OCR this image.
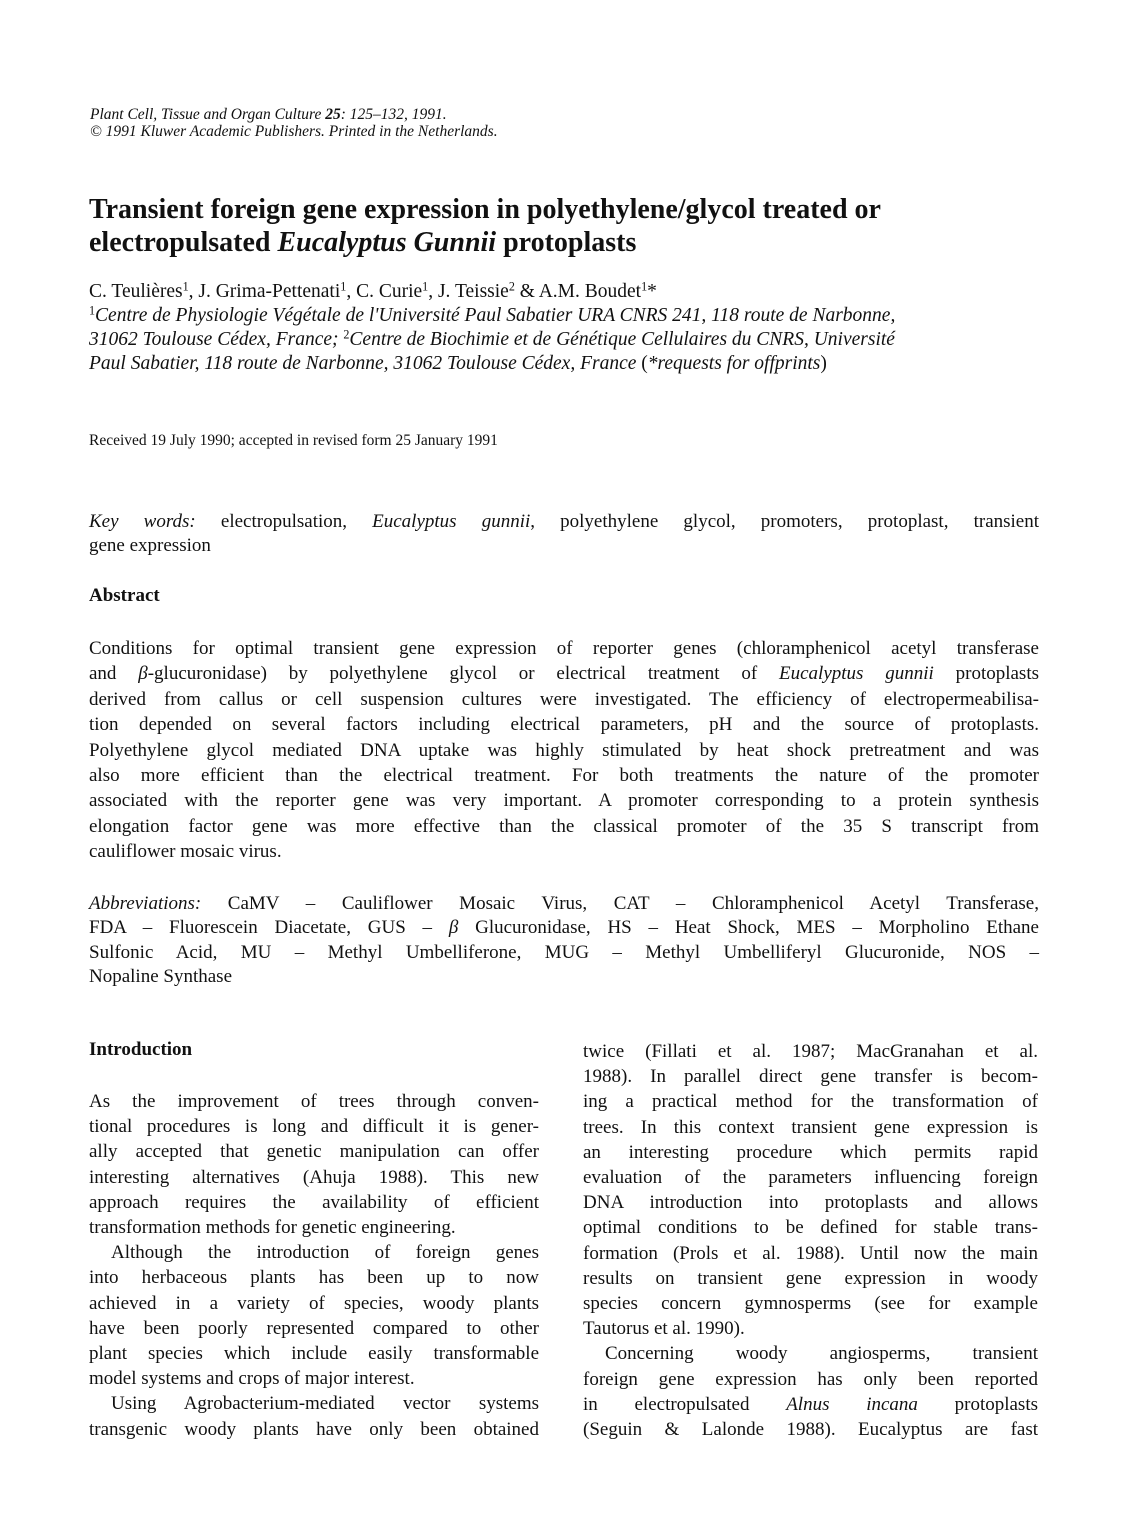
Plant Cell, Tissue and Organ Culture 25: 125–132, 1991.
© 1991 Kluwer Academic Publishers. Printed in the Netherlands.
Transient foreign gene expression in polyethylene/glycol treated or
electropulsated Eucalyptus Gunnii protoplasts
C. Teulières$^1$, J. Grima-Pettenati$^1$, C. Curie$^1$, J. Teissie$^2$ & A.M. Boudet$^1$*
$^1$Centre de Physiologie Végétale de l'Université Paul Sabatier URA CNRS 241, 118 route de Narbonne,
31062 Toulouse Cédex, France; $^2$Centre de Biochimie et de Génétique Cellulaires du CNRS, Université
Paul Sabatier, 118 route de Narbonne, 31062 Toulouse Cédex, France (*requests for offprints)
Received 19 July 1990; accepted in revised form 25 January 1991
Key words: electropulsation, Eucalyptus gunnii, polyethylene glycol, promoters, protoplast, transient
gene expression
Abstract
Conditions for optimal transient gene expression of reporter genes (chloramphenicol acetyl transferase
and β-glucuronidase) by polyethylene glycol or electrical treatment of Eucalyptus gunnii protoplasts
derived from callus or cell suspension cultures were investigated. The efficiency of electropermeabilisa-
tion depended on several factors including electrical parameters, pH and the source of protoplasts.
Polyethylene glycol mediated DNA uptake was highly stimulated by heat shock pretreatment and was
also more efficient than the electrical treatment. For both treatments the nature of the promoter
associated with the reporter gene was very important. A promoter corresponding to a protein synthesis
elongation factor gene was more effective than the classical promoter of the 35 S transcript from
cauliflower mosaic virus.
Abbreviations: CaMV – Cauliflower Mosaic Virus, CAT – Chloramphenicol Acetyl Transferase,
FDA – Fluorescein Diacetate, GUS – β Glucuronidase, HS – Heat Shock, MES – Morpholino Ethane
Sulfonic Acid, MU – Methyl Umbelliferone, MUG – Methyl Umbelliferyl Glucuronide, NOS –
Nopaline Synthase
Introduction
As the improvement of trees through conven-
tional procedures is long and difficult it is gener-
ally accepted that genetic manipulation can offer
interesting alternatives (Ahuja 1988). This new
approach requires the availability of efficient
transformation methods for genetic engineering.
Although the introduction of foreign genes
into herbaceous plants has been up to now
achieved in a variety of species, woody plants
have been poorly represented compared to other
plant species which include easily transformable
model systems and crops of major interest.
Using Agrobacterium-mediated vector systems
transgenic woody plants have only been obtained
twice (Fillati et al. 1987; MacGranahan et al.
1988). In parallel direct gene transfer is becom-
ing a practical method for the transformation of
trees. In this context transient gene expression is
an interesting procedure which permits rapid
evaluation of the parameters influencing foreign
DNA introduction into protoplasts and allows
optimal conditions to be defined for stable trans-
formation (Prols et al. 1988). Until now the main
results on transient gene expression in woody
species concern gymnosperms (see for example
Tautorus et al. 1990).
Concerning woody angiosperms, transient
foreign gene expression has only been reported
in electropulsated Alnus incana protoplasts
(Seguin & Lalonde 1988). Eucalyptus are fast
